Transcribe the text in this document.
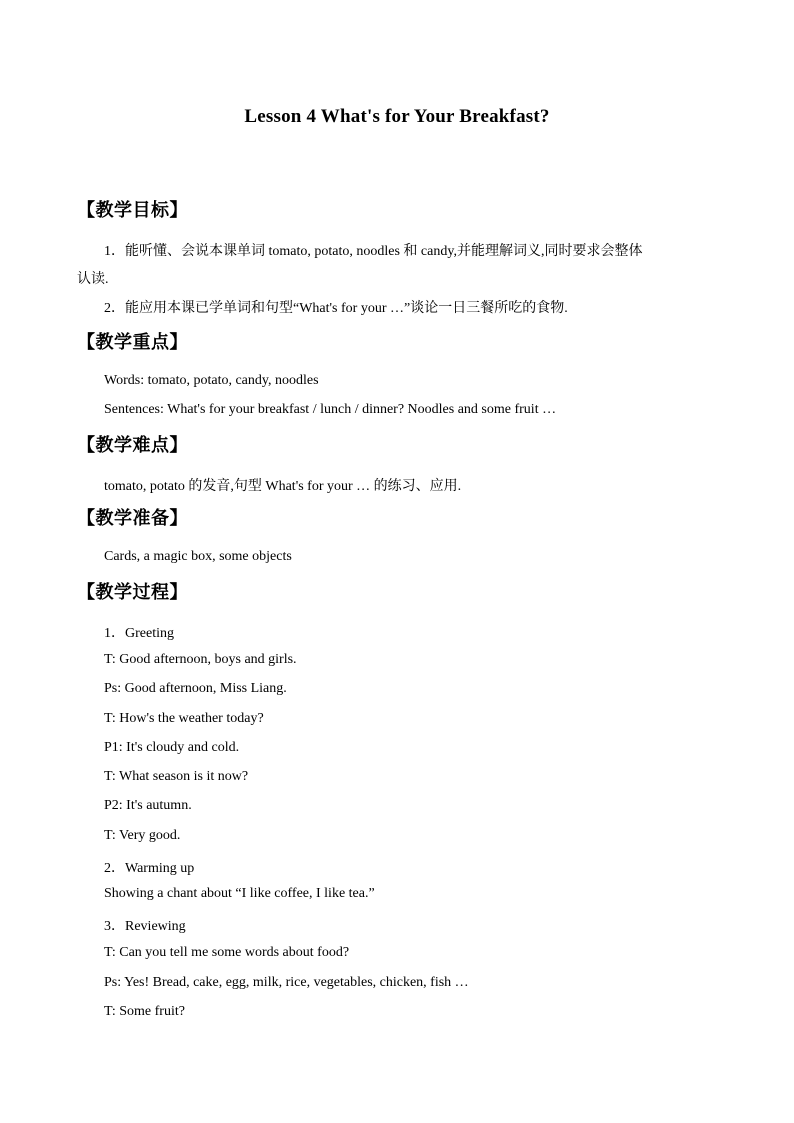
Lesson 4 What's for Your Breakfast?
【教学目标】
1．能听懂、会说本课单词 tomato, potato, noodles 和 candy,并能理解词义,同时要求会整体
认读.
2．能应用本课已学单词和句型“What's for your …”谈论一日三餐所吃的食物.
【教学重点】
Words: tomato, potato, candy, noodles
Sentences: What's for your breakfast / lunch / dinner? Noodles and some fruit …
【教学难点】
tomato, potato 的发音,句型 What's for your … 的练习、应用.
【教学准备】
Cards, a magic box, some objects
【教学过程】
1．Greeting
T: Good afternoon, boys and girls.
Ps: Good afternoon, Miss Liang.
T: How's the weather today?
P1: It's cloudy and cold.
T: What season is it now?
P2: It's autumn.
T: Very good.
2．Warming up
Showing a chant about “I like coffee, I like tea.”
3．Reviewing
T: Can you tell me some words about food?
Ps: Yes! Bread, cake, egg, milk, rice, vegetables, chicken, fish …
T: Some fruit?
